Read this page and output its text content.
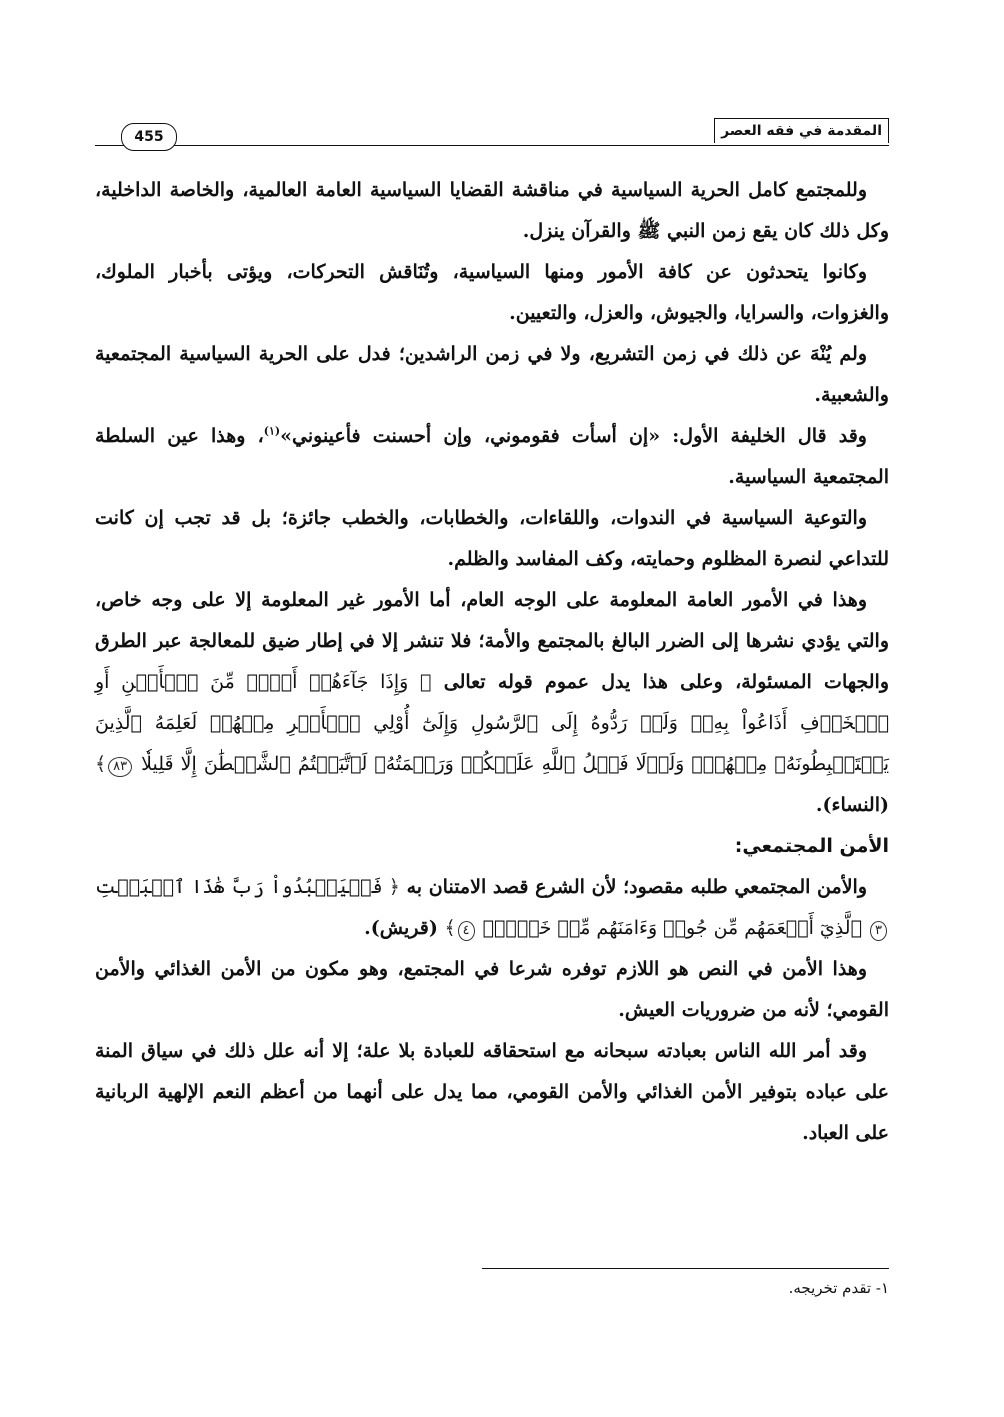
المقدمة في فقه العصر
455

وللمجتمع كامل الحرية السياسية في مناقشة القضايا السياسية العامة العالمية، والخاصة الداخلية، وكل ذلك كان يقع زمن النبي ﷺ والقرآن ينزل.

وكانوا يتحدثون عن كافة الأمور ومنها السياسية، وتُنَاقش التحركات، ويؤتى بأخبار الملوك، والغزوات، والسرايا، والجيوش، والعزل، والتعيين.

ولم يُنْهَ عن ذلك في زمن التشريع، ولا في زمن الراشدين؛ فدل على الحرية السياسية المجتمعية والشعبية.

وقد قال الخليفة الأول: «إن أسأت فقوموني، وإن أحسنت فأعينوني»$^{(١)}$، وهذا عين السلطة المجتمعية السياسية.

والتوعية السياسية في الندوات، واللقاءات، والخطابات، والخطب جائزة؛ بل قد تجب إن كانت للتداعي لنصرة المظلوم وحمايته، وكف المفاسد والظلم.

وهذا في الأمور العامة المعلومة على الوجه العام، أما الأمور غير المعلومة إلا على وجه خاص، والتي يؤدي نشرها إلى الضرر البالغ بالمجتمع والأمة؛ فلا تنشر إلا في إطار ضيق للمعالجة عبر الطرق والجهات المسئولة، وعلى هذا يدل عموم قوله تعالى ﴿ وَإِذَا جَآءَهُمۡ أَمۡرٞ مِّنَ ٱلۡأَمۡنِ أَوِ ٱلۡخَوۡفِ أَذَاعُواْ بِهِۦۖ وَلَوۡ رَدُّوهُ إِلَى ٱلرَّسُولِ وَإِلَىٰٓ أُوْلِي ٱلۡأَمۡرِ مِنۡهُمۡ لَعَلِمَهُ ٱلَّذِينَ يَسۡتَنۢبِطُونَهُۥ مِنۡهُمۡۗ وَلَوۡلَا فَضۡلُ ٱللَّهِ عَلَيۡكُمۡ وَرَحۡمَتُهُۥ لَٱتَّبَعۡتُمُ ٱلشَّيۡطَٰنَ إِلَّا قَلِيلٗا ٨٣﴾ (النساء).

الأمن المجتمعي:

والأمن المجتمعي طلبه مقصود؛ لأن الشرع قصد الامتنان به ﴿ فَلۡيَعۡبُدُواْ رَبَّ هَٰذَا ٱلۡبَيۡتِ ٣ ٱلَّذِيٓ أَطۡعَمَهُم مِّن جُوعٖ وَءَامَنَهُم مِّنۡ خَوۡفِۭ ٤﴾ (قريش).

وهذا الأمن في النص هو اللازم توفره شرعا في المجتمع، وهو مكون من الأمن الغذائي والأمن القومي؛ لأنه من ضروريات العيش.

وقد أمر الله الناس بعبادته سبحانه مع استحقاقه للعبادة بلا علة؛ إلا أنه علل ذلك في سياق المنة على عباده بتوفير الأمن الغذائي والأمن القومي، مما يدل على أنهما من أعظم النعم الإلهية الربانية على العباد.

١- تقدم تخريجه.
